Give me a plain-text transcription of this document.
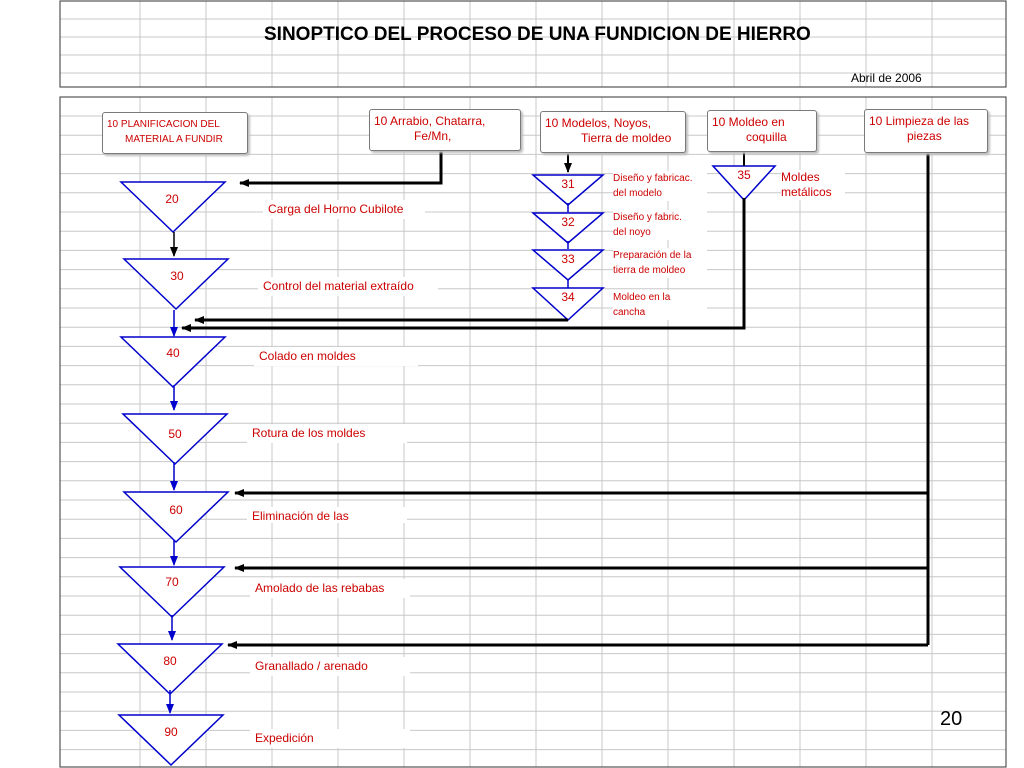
SINOPTICO DEL PROCESO DE UNA FUNDICION DE HIERRO
Abril de 2006
10 PLANIFICACION DEL
MATERIAL A FUNDIR
10 Arrabio, Chatarra,
Fe/Mn,
10 Modelos, Noyos,
Tierra de moldeo
10 Moldeo en
coquilla
10 Limpieza de las
piezas
20
30
40
50
60
70
80
90
Carga del Horno Cubilote
Control del material extraído
Colado en moldes
Rotura de los moldes
Eliminación de las
Amolado de las rebabas
Granallado / arenado
Expedición
31
32
33
34
Diseño y fabricac.
del modelo
Diseño y fabric.
del noyo
Preparación de la
tierra de moldeo
Moldeo en la
cancha
35	Moldes
metálicos
20
